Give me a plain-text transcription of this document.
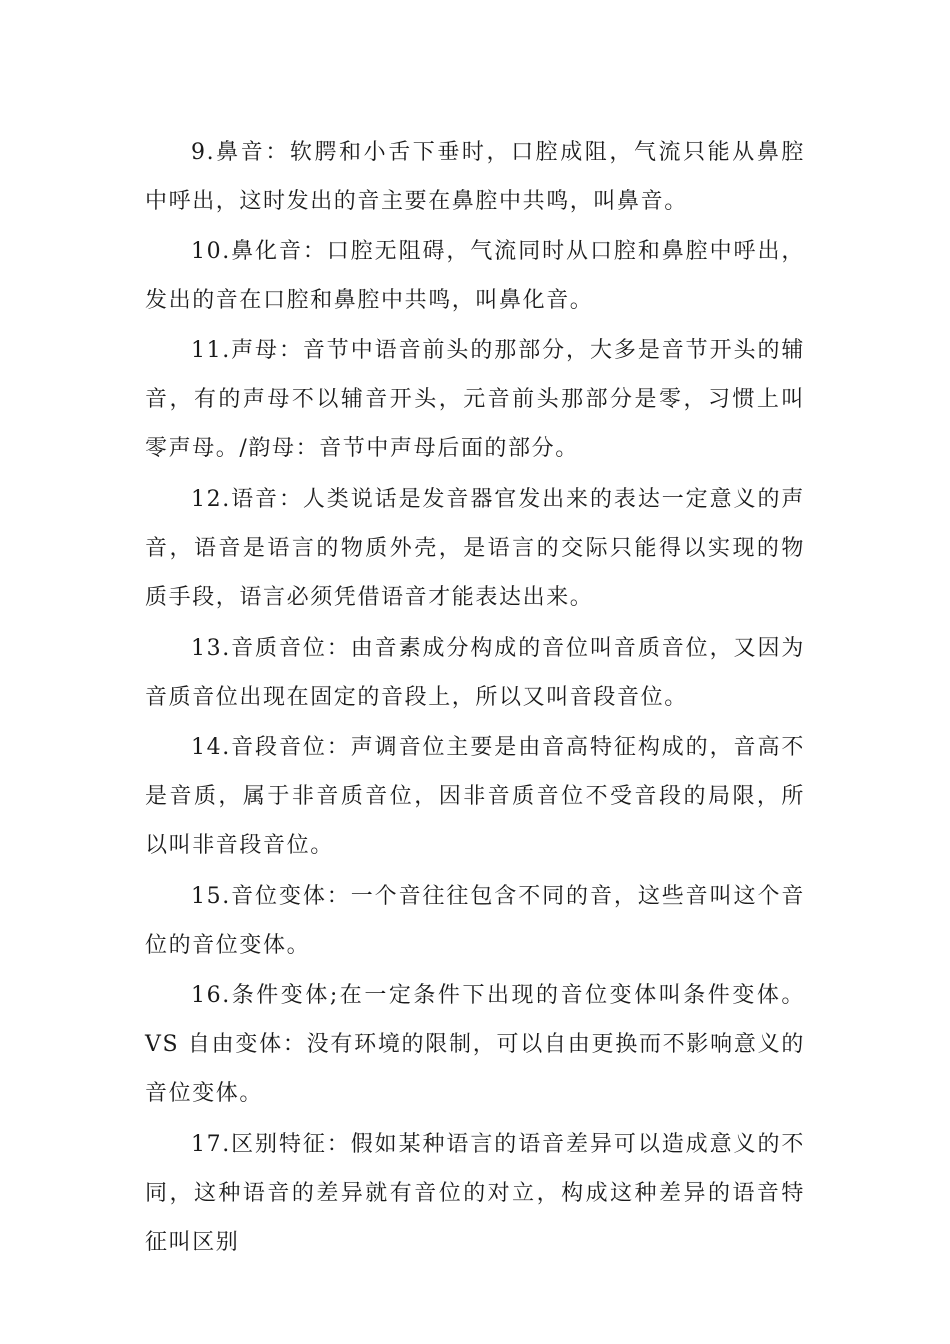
9.鼻音：软腭和小舌下垂时，口腔成阻，气流只能从鼻腔中呼出，这时发出的音主要在鼻腔中共鸣，叫鼻音。

10.鼻化音：口腔无阻碍，气流同时从口腔和鼻腔中呼出，发出的音在口腔和鼻腔中共鸣，叫鼻化音。

11.声母：音节中语音前头的那部分，大多是音节开头的辅音，有的声母不以辅音开头，元音前头那部分是零，习惯上叫零声母。/韵母：音节中声母后面的部分。

12.语音：人类说话是发音器官发出来的表达一定意义的声音，语音是语言的物质外壳，是语言的交际只能得以实现的物质手段，语言必须凭借语音才能表达出来。

13.音质音位：由音素成分构成的音位叫音质音位，又因为音质音位出现在固定的音段上，所以又叫音段音位。

14.音段音位：声调音位主要是由音高特征构成的，音高不是音质，属于非音质音位，因非音质音位不受音段的局限，所以叫非音段音位。

15.音位变体：一个音往往包含不同的音，这些音叫这个音位的音位变体。

16.条件变体;在一定条件下出现的音位变体叫条件变体。VS 自由变体：没有环境的限制，可以自由更换而不影响意义的音位变体。

17.区别特征：假如某种语言的语音差异可以造成意义的不同，这种语音的差异就有音位的对立，构成这种差异的语音特征叫区别
